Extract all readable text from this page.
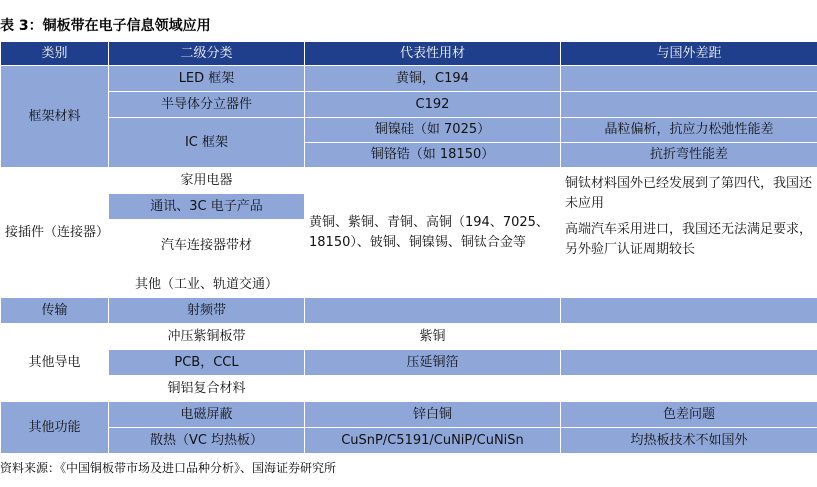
表 3：铜板带在电子信息领域应用
类别	二级分类	代表性用材	与国外差距
框架材料	LED 框架	黄铜，C194	
	半导体分立器件	C192	
	IC 框架	铜镍硅（如 7025）	晶粒偏析，抗应力松弛性能差
		铜铬锆（如 18150）	抗折弯性能差
接插件（连接器）	家用电器	黄铜、紫铜、青铜、高铜（194、7025、18150）、铍铜、铜镍锡、铜钛合金等	铜钛材料国外已经发展到了第四代，我国还未应用
	通讯、3C 电子产品		
	汽车连接器带材		高端汽车采用进口，我国还无法满足要求，另外验厂认证周期较长
	其他（工业、轨道交通）		
传输	射频带		
其他导电	冲压紫铜板带	紫铜	
	PCB，CCL	压延铜箔	
	铜铝复合材料		
其他功能	电磁屏蔽	锌白铜	色差问题
	散热（VC 均热板）	CuSnP/C5191/CuNiP/CuNiSn	均热板技术不如国外
资料来源：《中国铜板带市场及进口品种分析》、国海证券研究所
